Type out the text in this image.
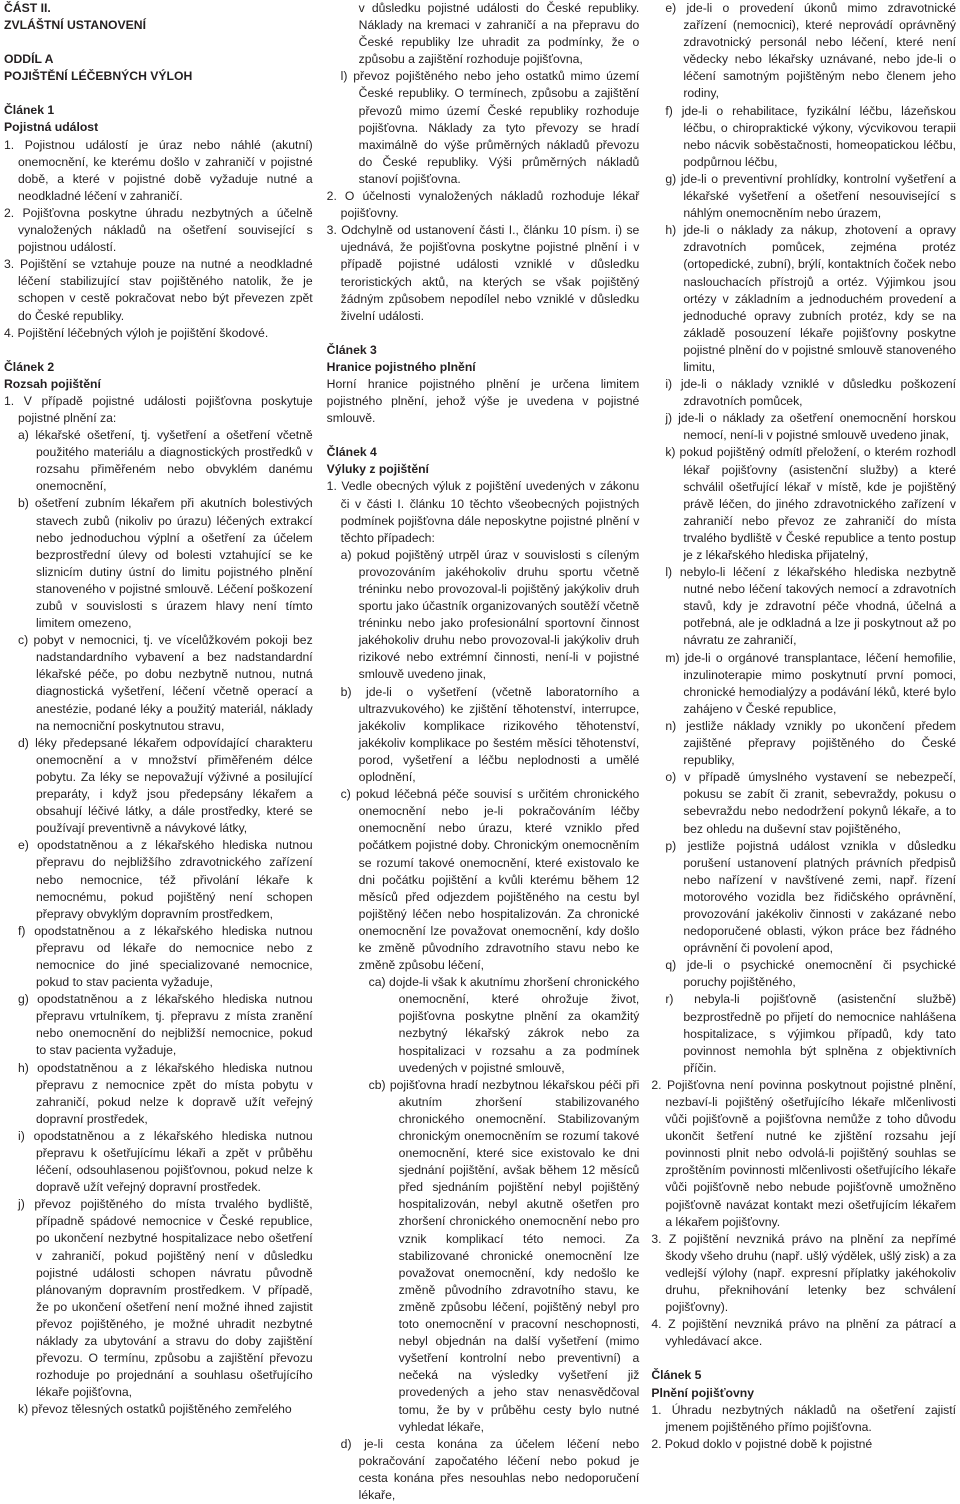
ČÁST II.

ZVLÁŠTNÍ USTANOVENÍ

ODDÍL A

POJIŠTĚNÍ LÉČEBNÝCH VÝLOH

Článek 1

Pojistná událost

1. Pojistnou událostí je úraz nebo náhlé (akutní) onemocnění, ke kterému došlo v zahraničí v pojistné době, a které v pojistné době vyžaduje nutné a neodkladné léčení v zahraničí.

2. Pojišťovna poskytne úhradu nezbytných a účelně vynaložených nákladů na ošetření související s pojistnou událostí.

3. Pojištění se vztahuje pouze na nutné a neodkladné léčení stabilizující stav pojištěného natolik, že je schopen v cestě pokračovat nebo být převezen zpět do České republiky.

4. Pojištění léčebných výloh je pojištění škodové.

Článek 2

Rozsah pojištění

1. V případě pojistné události pojišťovna poskytuje pojistné plnění za:

a) lékařské ošetření, tj. vyšetření a ošetření včetně použitého materiálu a diagnostických prostředků v rozsahu přiměřeném nebo obvyklém danému onemocnění,

b) ošetření zubním lékařem při akutních bolestivých stavech zubů (nikoliv po úrazu) léčených extrakcí nebo jednoduchou výplní a ošetření za účelem bezprostřední úlevy od bolesti vztahující se ke sliznicím dutiny ústní do limitu pojistného plnění stanoveného v pojistné smlouvě. Léčení poškození zubů v souvislosti s úrazem hlavy není tímto limitem omezeno,

c) pobyt v nemocnici, tj. ve vícelůžkovém pokoji bez nadstandardního vybavení a bez nadstandardní lékařské péče, po dobu nezbytně nutnou, nutná diagnostická vyšetření, léčení včetně operací a anestézie, podané léky a použitý materiál, náklady na nemocniční poskytnutou stravu,

d) léky předepsané lékařem odpovídající charakteru onemocnění a v množství přiměřeném délce pobytu. Za léky se nepovažují výživné a posilující preparáty, i když jsou předepsány lékařem a obsahují léčivé látky, a dále prostředky, které se používají preventivně a návykové látky,

e) opodstatněnou a z lékařského hlediska nutnou přepravu do nejbližšího zdravotnického zařízení nebo nemocnice, též přivolání lékaře k nemocnému, pokud pojištěný není schopen přepravy obvyklým dopravním prostředkem,

f) opodstatněnou a z lékařského hlediska nutnou přepravu od lékaře do nemocnice nebo z nemocnice do jiné specializované nemocnice, pokud to stav pacienta vyžaduje,

g) opodstatněnou a z lékařského hlediska nutnou přepravu vrtulníkem, tj. přepravu z místa zranění nebo onemocnění do nejbližší nemocnice, pokud to stav pacienta vyžaduje,

h) opodstatněnou a z lékařského hlediska nutnou přepravu z nemocnice zpět do místa pobytu v zahraničí, pokud nelze k dopravě užít veřejný dopravní prostředek,

i) opodstatněnou a z lékařského hlediska nutnou přepravu k ošetřujícímu lékaři a zpět v průběhu léčení, odsouhlasenou pojišťovnou, pokud nelze k dopravě užít veřejný dopravní prostředek.

j) převoz pojištěného do místa trvalého bydliště, případně spádové nemocnice v České republice, po ukončení nezbytné hospitalizace nebo ošetření v zahraničí, pokud pojištěný není v důsledku pojistné události schopen návratu původně plánovaným dopravním prostředkem. V případě, že po ukončení ošetření není možné ihned zajistit převoz pojištěného, je možné uhradit nezbytné náklady za ubytování a stravu do doby zajištění převozu. O termínu, způsobu a zajištění převozu rozhoduje po projednání a souhlasu ošetřujícího lékaře pojišťovna,

k) převoz tělesných ostatků pojištěného zemřelého

v důsledku pojistné události do České republiky. Náklady na kremaci v zahraničí a na přepravu do České republiky lze uhradit za podmínky, že o způsobu a zajištění rozhoduje pojišťovna,

l) převoz pojištěného nebo jeho ostatků mimo území České republiky. O termínech, způsobu a zajištění převozů mimo území České republiky rozhoduje pojišťovna. Náklady za tyto převozy se hradí maximálně do výše průměrných nákladů převozu do České republiky. Výši průměrných nákladů stanoví pojišťovna.

2. O účelnosti vynaložených nákladů rozhoduje lékař pojišťovny.

3. Odchylně od ustanovení části I., článku 10 písm. i) se ujednává, že pojišťovna poskytne pojistné plnění i v případě pojistné události vzniklé v důsledku teroristických aktů, na kterých se však pojištěný žádným způsobem nepodílel nebo vzniklé v důsledku živelní události.

Článek 3

Hranice pojistného plnění

Horní hranice pojistného plnění je určena limitem pojistného plnění, jehož výše je uvedena v pojistné smlouvě.

Článek 4

Výluky z pojištění

1. Vedle obecných výluk z pojištění uvedených v zákonu či v části I. článku 10 těchto všeobecných pojistných podmínek pojišťovna dále neposkytne pojistné plnění v těchto případech:

a) pokud pojištěný utrpěl úraz v souvislosti s cíleným provozováním jakéhokoliv druhu sportu včetně tréninku nebo provozoval-li pojištěný jakýkoliv druh sportu jako účastník organizovaných soutěží včetně tréninku nebo jako profesionální sportovní činnost jakéhokoliv druhu nebo provozoval-li jakýkoliv druh rizikové nebo extrémní činnosti, není-li v pojistné smlouvě uvedeno jinak,

b) jde-li o vyšetření (včetně laboratorního a ultrazvukového) ke zjištění těhotenství, interrupce, jakékoliv komplikace rizikového těhotenství, jakékoliv komplikace po šestém měsíci těhotenství, porod, vyšetření a léčbu neplodnosti a umělé oplodnění,

c) pokud léčebná péče souvisí s určitém chronického onemocnění nebo je-li pokračováním léčby onemocnění nebo úrazu, které vzniklo před počátkem pojistné doby. Chronickým onemocněním se rozumí takové onemocnění, které existovalo ke dni počátku pojištění a kvůli kterému během 12 měsíců před odjezdem pojištěného na cestu byl pojištěný léčen nebo hospitalizován. Za chronické onemocnění lze považovat onemocnění, kdy došlo ke změně původního zdravotního stavu nebo ke změně způsobu léčení,

ca) dojde-li však k akutnímu zhoršení chronického onemocnění, které ohrožuje život, pojišťovna poskytne plnění za okamžitý nezbytný lékařský zákrok nebo za hospitalizaci v rozsahu a za podmínek uvedených v pojistné smlouvě,

cb) pojišťovna hradí nezbytnou lékařskou péči při akutním zhoršení stabilizovaného chronického onemocnění. Stabilizovaným chronickým onemocněním se rozumí takové onemocnění, které sice existovalo ke dni sjednání pojištění, avšak během 12 měsíců před sjednáním pojištění nebyl pojištěný hospitalizován, nebyl akutně ošetřen pro zhoršení chronického onemocnění nebo pro vznik komplikací této nemoci. Za stabilizované chronické onemocnění lze považovat onemocnění, kdy nedošlo ke změně původního zdravotního stavu, ke změně způsobu léčení, pojištěný nebyl pro toto onemocnění v pracovní neschopnosti, nebyl objednán na další vyšetření (mimo vyšetření kontrolní nebo preventivní) a nečeká na výsledky vyšetření již provedených a jeho stav nenasvědčoval tomu, že by v průběhu cesty bylo nutné vyhledat lékaře,

d) je-li cesta konána za účelem léčení nebo pokračování započatého léčení nebo pokud je cesta konána přes nesouhlas nebo nedoporučení lékaře,

e) jde-li o provedení úkonů mimo zdravotnické zařízení (nemocnici), které neprovádí oprávněný zdravotnický personál nebo léčení, které není vědecky nebo lékařsky uznávané, nebo jde-li o léčení samotným pojištěným nebo členem jeho rodiny,

f) jde-li o rehabilitace, fyzikální léčbu, lázeňskou léčbu, o chiropraktické výkony, výcvikovou terapii nebo nácvik soběstačnosti, homeopatickou léčbu, podpůrnou léčbu,

g) jde-li o preventivní prohlídky, kontrolní vyšetření a lékařské vyšetření a ošetření nesouvisející s náhlým onemocněním nebo úrazem,

h) jde-li o náklady za nákup, zhotovení a opravy zdravotních pomůcek, zejména protéz (ortopedické, zubní), brýlí, kontaktních čoček nebo naslouchacích přístrojů a ortéz. Výjimkou jsou ortézy v základním a jednoduchém provedení a jednoduché opravy zubních protéz, kdy se na základě posouzení lékaře pojišťovny poskytne pojistné plnění do v pojistné smlouvě stanoveného limitu,

i) jde-li o náklady vzniklé v důsledku poškození zdravotních pomůcek,

j) jde-li o náklady za ošetření onemocnění horskou nemocí, není-li v pojistné smlouvě uvedeno jinak,

k) pokud pojištěný odmítl přeložení, o kterém rozhodl lékař pojišťovny (asistenční služby) a které schválil ošetřující lékař v místě, kde je pojištěný právě léčen, do jiného zdravotnického zařízení v zahraničí nebo převoz ze zahraničí do místa trvalého bydliště v České republice a tento postup je z lékařského hlediska přijatelný,

l) nebylo-li léčení z lékařského hlediska nezbytně nutné nebo léčení takových nemocí a zdravotních stavů, kdy je zdravotní péče vhodná, účelná a potřebná, ale je odkladná a lze ji poskytnout až po návratu ze zahraničí,

m) jde-li o orgánové transplantace, léčení hemofilie, inzulinoterapie mimo poskytnutí první pomoci, chronické hemodialýzy a podávání léků, které bylo zahájeno v České republice,

n) jestliže náklady vznikly po ukončení předem zajištěné přepravy pojištěného do České republiky,

o) v případě úmyslného vystavení se nebezpečí, pokusu se zabít či zranit, sebevraždy, pokusu o sebevraždu nebo nedodržení pokynů lékaře, a to bez ohledu na duševní stav pojištěného,

p) jestliže pojistná událost vznikla v důsledku porušení ustanovení platných právních předpisů nebo nařízení v navštívené zemi, např. řízení motorového vozidla bez řidičského oprávnění, provozování jakékoliv činnosti v zakázané nebo nedoporučené oblasti, výkon práce bez řádného oprávnění či povolení apod,

q) jde-li o psychické onemocnění či psychické poruchy pojištěného,

r) nebyla-li pojišťovně (asistenční službě) bezprostředně po přijetí do nemocnice nahlášena hospitalizace, s výjimkou případů, kdy tato povinnost nemohla být splněna z objektivních příčin.

2. Pojišťovna není povinna poskytnout pojistné plnění, nezbaví-li pojištěný ošetřujícího lékaře mlčenlivosti vůči pojišťovně a pojišťovna nemůže z toho důvodu ukončit šetření nutné ke zjištění rozsahu její povinnosti plnit nebo odvolá-li pojištěný souhlas se zproštěním povinnosti mlčenlivosti ošetřujícího lékaře vůči pojišťovně nebo nebude pojišťovně umožněno pojišťovně navázat kontakt mezi ošetřujícím lékařem a lékařem pojišťovny.

3. Z pojištění nevzniká právo na plnění za nepřímé škody všeho druhu (např. ušlý výdělek, ušlý zisk) a za vedlejší výlohy (např. expresní příplatky jakéhokoliv druhu, překnihování letenky bez schválení pojišťovny).

4. Z pojištění nevzniká právo na plnění za pátrací a vyhledávací akce.

Článek 5

Plnění pojišťovny

1. Úhradu nezbytných nákladů na ošetření zajistí jmenem pojištěného přímo pojišťovna.

2. Pokud doklo v pojistné době k pojistné
